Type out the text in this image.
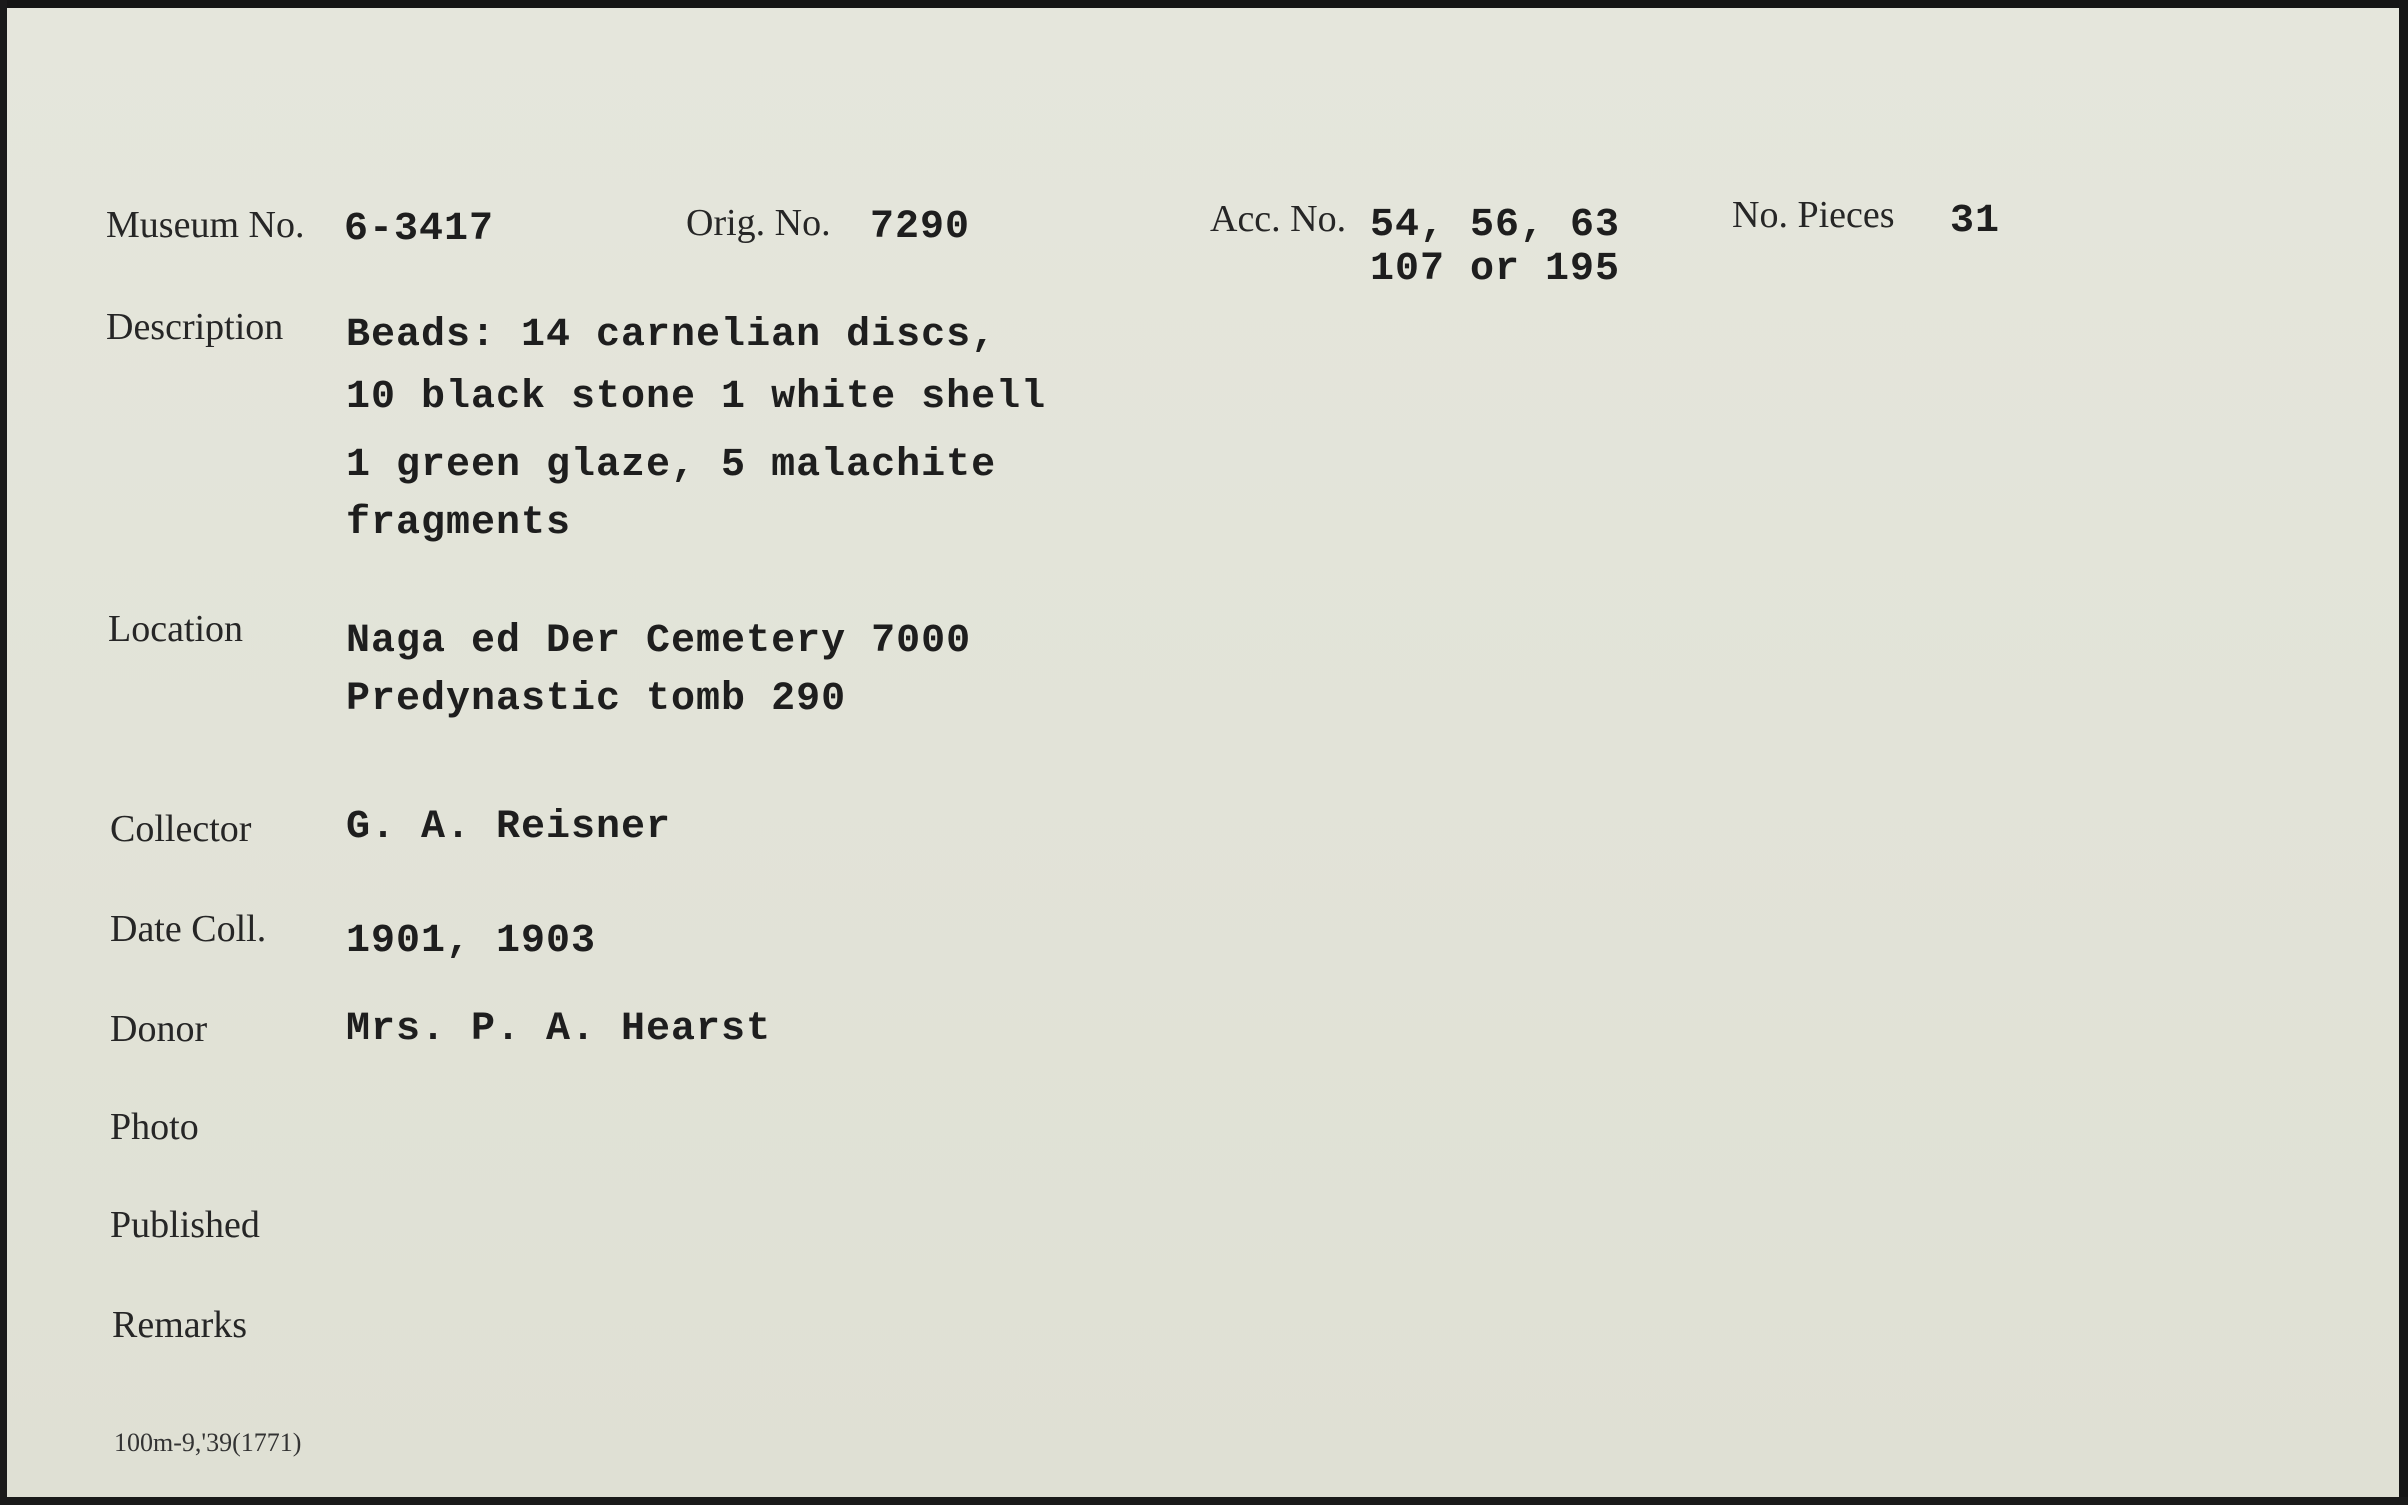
Museum No. 6-3417	Orig. No. 7290	Acc. No. 54, 56, 63
107 or 195
No. Pieces 31
Description Beads: 14 carnelian discs,
10 black stone 1 white shell
1 green glaze, 5 malachite
fragments
Location	Naga ed Der Cemetery 7000
Predynastic tomb 290
Collector G. A. Reisner
Date Coll. 1901, 1903
Donor	Mrs. P. A. Hearst
Photo
Published
Remarks
100m-9,'39(1771)
